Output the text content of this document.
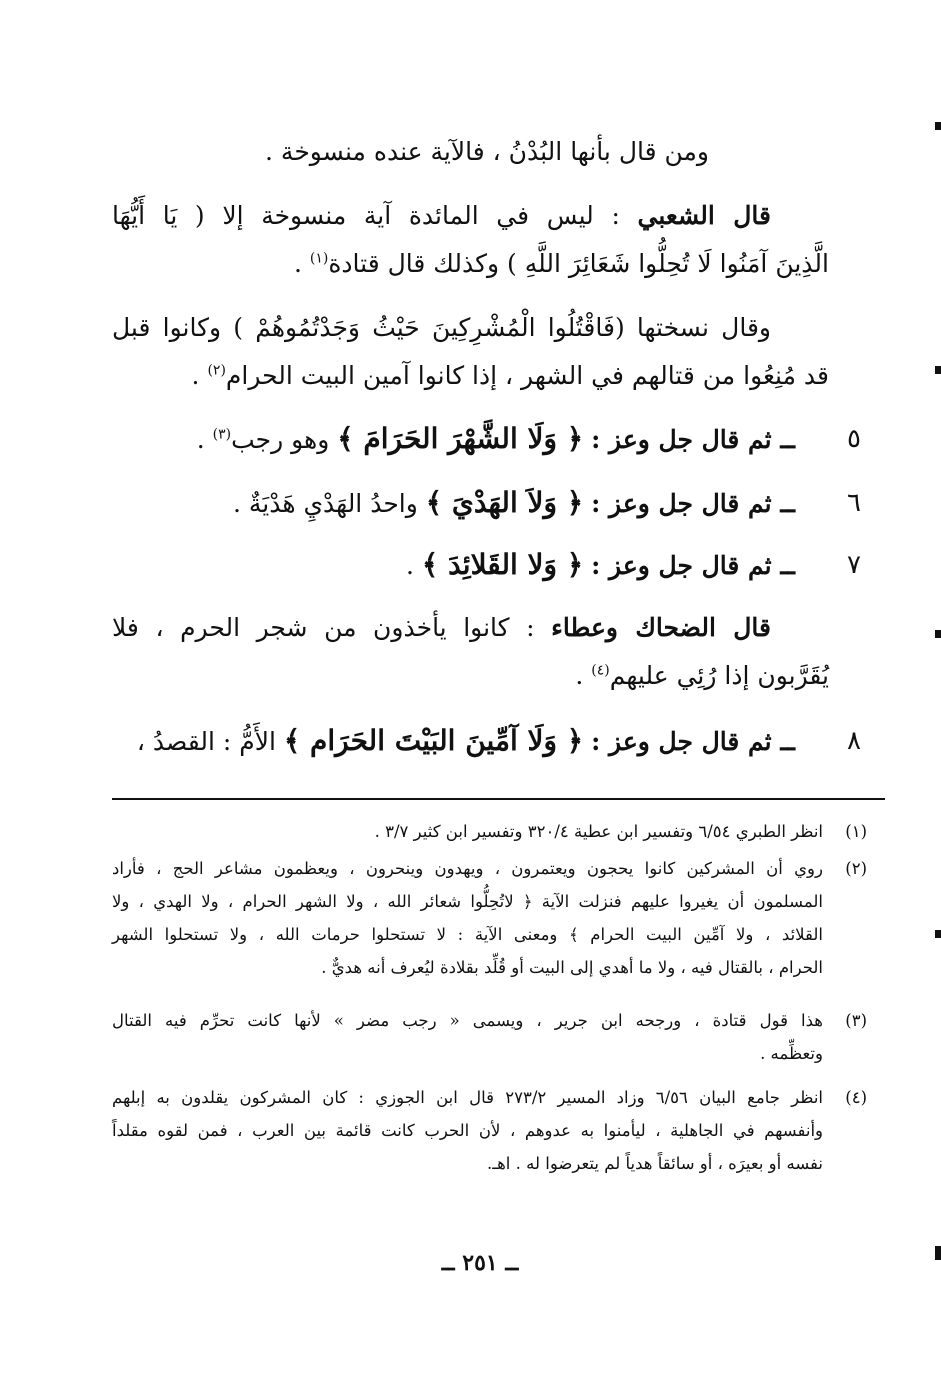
ومن قال بأنها البُدْنُ ، فالآية عنده منسوخة .
قال الشعبي : ليس في المائدة آية منسوخة إلا ( يَا أَيُّهَا
الَّذِينَ آمَنُوا لَا تُحِلُّوا شَعَائِرَ اللَّهِ ) وكذلك قال قتادة$^{(١)}$ .
وقال نسختها (فَاقْتُلُوا الْمُشْرِكِينَ حَيْثُ وَجَدْتُمُوهُمْ ) وكانوا قبل
قد مُنِعُوا من قتالهم في الشهر ، إذا كانوا آمين البيت الحرام$^{(٢)}$ .
٥
ــ ثم قال جل وعز : ﴿ وَلَا الشَّهْرَ الحَرَامَ ﴾ وهو رجب$^{(٣)}$ .
٦
ــ ثم قال جل وعز : ﴿ وَلاَ الهَدْيَ ﴾ واحدُ الهَدْيِ هَدْيَةٌ .
٧
ــ ثم قال جل وعز : ﴿ وَلا القَلائِدَ ﴾ .
قال الضحاك وعطاء : كانوا يأخذون من شجر الحرم ، فلا
يُقَرَّبون إذا رُئِي عليهم$^{(٤)}$ .
٨
ــ ثم قال جل وعز : ﴿ وَلَا آمِّينَ البَيْتَ الحَرَام ﴾ الأَمُّ : القصدُ ،
(١)
انظر الطبري ٦/٥٤ وتفسير ابن عطية ٣٢٠/٤ وتفسير ابن كثير ٣/٧ .
(٢)
روي أن المشركين كانوا يحجون ويعتمرون ، ويهدون وينحرون ، ويعظمون مشاعر الحج ، فأراد
المسلمون أن يغيروا عليهم فنزلت الآية ﴿ لاتُحِلُّوا شعائر الله ، ولا الشهر الحرام ، ولا الهدي ، ولا
القلائد ، ولا آمِّين البيت الحرام ﴾ ومعنى الآية : لا تستحلوا حرمات الله ، ولا تستحلوا الشهر
الحرام ، بالقتال فيه ، ولا ما أهدي إلى البيت أو قُلِّد بقلادة ليُعرف أنه هديٌّ .
(٣)
هذا قول قتادة ، ورجحه ابن جرير ، ويسمى « رجب مضر » لأنها كانت تحرِّم فيه القتال
وتعظِّمه .
(٤)
انظر جامع البيان ٦/٥٦ وزاد المسير ٢٧٣/٢ قال ابن الجوزي : كان المشركون يقلدون به إبلهم
وأنفسهم في الجاهلية ، ليأمنوا به عدوهم ، لأن الحرب كانت قائمة بين العرب ، فمن لقوه مقلداً
نفسه أو بعيرَه ، أو سائقاً هدياً لم يتعرضوا له . اهـ.
ــ ٢٥١ ــ
